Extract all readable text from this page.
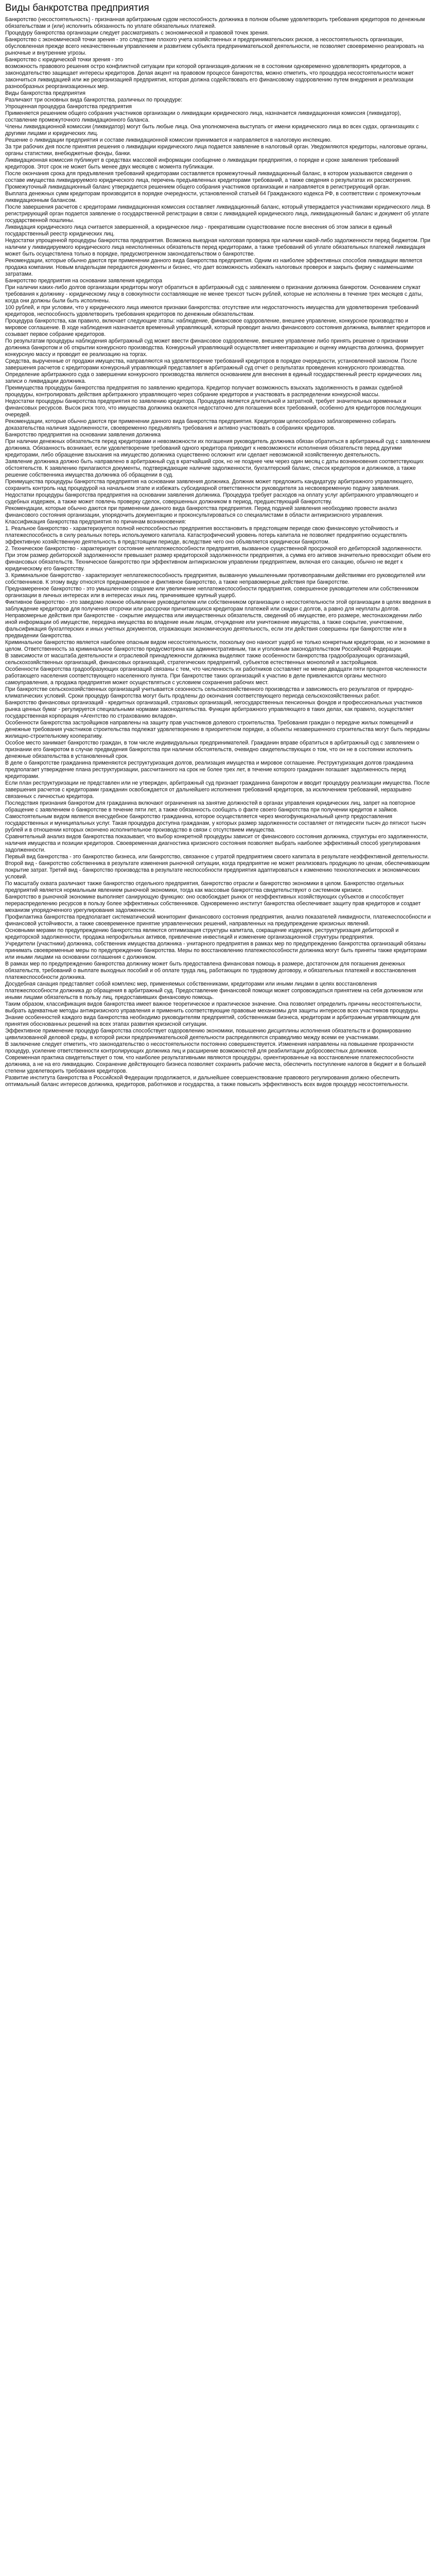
Виды банкротства предприятия

Банкротство (несостоятельность) - признанная арбитражным судом неспособность должника в полном объеме удовлетворить требования кредиторов по денежным обязательствам и (или) исполнить обязанность по уплате обязательных платежей.

Процедуру банкротства организации следует рассматривать с экономической и правовой точек зрения.

Банкротство с экономической точки зрения - это следствие плохого учета хозяйственных и предпринимательских рисков, а несостоятельность организации, обусловленная прежде всего некачественным управлением и развитием субъекта предпринимательской деятельности, не позволяет своевременно реагировать на рыночные и внутренние угрозы.

Банкротство с юридической точки зрения - это

возможность правового решения остро конфликтной ситуации при которой организация-должник не в состоянии одновременно удовлетворять кредиторов, а законодательство защищает интересы кредиторов. Делая акцент на правовом процессе банкротства, можно отметить, что процедура несостоятельности может закончиться ликвидацией или же реорганизацией предприятия, которая должна содействовать его финансовому оздоровлению путем внедрения и реализации разнообразных реорганизационных мер.

Виды банкротства предприятия

Различают три основных вида банкротства, различных по процедуре:

Упрощенная процедура банкротства предприятия

Применяется решением общего собрания участников организации о ликвидации юридического лица, назначается ликвидационная комиссия (ликвидатор), составление промежуточного ликвидационного баланса.

Члены ликвидационной комиссии (ликвидатор) могут быть любые лица. Она уполномочена выступать от имени юридического лица во всех судах, организациях с другими лицами и юридических лиц.

Решение о ликвидации предприятия и составе ликвидационной комиссии принимается и направляется в налоговую инспекцию.

За три рабочих дня после принятия решения о ликвидации юридического лица подается заявление в налоговый орган. Уведомляются кредиторы, налоговые органы, органы статистики, внебюджетные фонды, банки.

Ликвидационная комиссия публикует в средствах массовой информации сообщение о ликвидации предприятия, о порядке и сроке заявления требований кредиторов. Этот срок не может быть менее двух месяцев с момента публикации.

После окончания срока для предъявления требований кредиторами составляется промежуточный ликвидационный баланс, в котором указываются сведения о составе имущества ликвидируемого юридического лица, перечень предъявленных кредиторами требований, а также сведения о результатах их рассмотрения.

Промежуточный ликвидационный баланс утверждается решением общего собрания участников организации и направляется в регистрирующий орган.

Выплата денежных сумм кредиторам производится в порядке очередности, установленной статьей 64 Гражданского кодекса РФ, в соответствии с промежуточным ликвидационным балансом.

После завершения расчетов с кредиторами ликвидационная комиссия составляет ликвидационный баланс, который утверждается участниками юридического лица. В регистрирующий орган подается заявление о государственной регистрации в связи с ликвидацией юридического лица, ликвидационный баланс и документ об уплате государственной пошлины.

Ликвидация юридического лица считается завершенной, а юридическое лицо - прекратившим существование после внесения об этом записи в единый государственный реестр юридических лиц.

Недостатки упрощенной процедуры банкротства предприятия. Возможна выездная налоговая проверка при наличии какой-либо задолженности перед бюджетом. При наличии у ликвидируемого юридического лица неисполненных обязательств перед кредиторами, а также требований об уплате обязательных платежей ликвидация может быть осуществлена только в порядке, предусмотренном законодательством о банкротстве.

Рекомендации, которые обычно даются при применении данного вида банкротства предприятия. Одним из наиболее эффективных способов ликвидации является продажа компании. Новым владельцам передаются документы и бизнес, что дает возможность избежать налоговых проверок и закрыть фирму с наименьшими затратами.

Банкротство предприятия на основании заявления кредитора

При наличии каких-либо долгов организации кредиторы могут обратиться в арбитражный суд с заявлением о признании должника банкротом. Основанием служат требования к должнику - юридическому лицу в совокупности составляющие не менее трехсот тысяч рублей, которые не исполнены в течение трех месяцев с даты, когда они должны были быть исполнены.

100 рублей, и при условии, что у юридического лица имеются признаки банкротства: отсутствие или недостаточность имущества для удовлетворения требований кредиторов, неспособность удовлетворить требования кредиторов по денежным обязательствам.

Процедура банкротства, как правило, включает следующие этапы: наблюдение, финансовое оздоровление, внешнее управление, конкурсное производство и мировое соглашение. В ходе наблюдения назначается временный управляющий, который проводит анализ финансового состояния должника, выявляет кредиторов и созывает первое собрание кредиторов.

По результатам процедуры наблюдения арбитражный суд может ввести финансовое оздоровление, внешнее управление либо принять решение о признании должника банкротом и об открытии конкурсного производства. Конкурсный управляющий осуществляет инвентаризацию и оценку имущества должника, формирует конкурсную массу и проводит ее реализацию на торгах.

Средства, вырученные от продажи имущества, направляются на удовлетворение требований кредиторов в порядке очередности, установленной законом. После завершения расчетов с кредиторами конкурсный управляющий представляет в арбитражный суд отчет о результатах проведения конкурсного производства.

Определение арбитражного суда о завершении конкурсного производства является основанием для внесения в единый государственный реестр юридических лиц записи о ликвидации должника.

Преимущества процедуры банкротства предприятия по заявлению кредитора. Кредитор получает возможность взыскать задолженность в рамках судебной процедуры, контролировать действия арбитражного управляющего через собрание кредиторов и участвовать в распределении конкурсной массы.

Недостатки процедуры банкротства предприятия по заявлению кредитора. Процедура является длительной и затратной, требует значительных временных и финансовых ресурсов. Высок риск того, что имущества должника окажется недостаточно для погашения всех требований, особенно для кредиторов последующих очередей.

Рекомендации, которые обычно даются при применении данного вида банкротства предприятия. Кредиторам целесообразно заблаговременно собирать доказательства наличия задолженности, своевременно предъявлять требования и активно участвовать в собраниях кредиторов.

Банкротство предприятия на основании заявления должника

При наличии денежных обязательств перед кредиторами и невозможности их погашения руководитель должника обязан обратиться в арбитражный суд с заявлением должника. Обязанность возникает, если удовлетворение требований одного кредитора приводит к невозможности исполнения обязательств перед другими кредиторами, либо обращение взыскания на имущество должника существенно осложнит или сделает невозможной хозяйственную деятельность.

Заявление должника должно быть направлено в арбитражный суд в кратчайший срок, но не позднее чем через один месяц с даты возникновения соответствующих обстоятельств. К заявлению прилагаются документы, подтверждающие наличие задолженности, бухгалтерский баланс, список кредиторов и должников, а также решение собственника имущества должника об обращении в суд.

Преимущества процедуры банкротства предприятия на основании заявления должника. Должник может предложить кандидатуру арбитражного управляющего, сохранить контроль над процедурой на начальном этапе и избежать субсидиарной ответственности руководителя за несвоевременную подачу заявления.

Недостатки процедуры банкротства предприятия на основании заявления должника. Процедура требует расходов на оплату услуг арбитражного управляющего и судебных издержек, а также может повлечь проверку сделок, совершенных должником в период, предшествующий банкротству.

Рекомендации, которые обычно даются при применении данного вида банкротства предприятия. Перед подачей заявления необходимо провести анализ финансового состояния организации, упорядочить документацию и проконсультироваться со специалистами в области антикризисного управления.

Классификация банкротства предприятия по причинам возникновения:

1. Реальное банкротство - характеризуется полной неспособностью предприятия восстановить в предстоящем периоде свою финансовую устойчивость и платежеспособность в силу реальных потерь используемого капитала. Катастрофический уровень потерь капитала не позволяет предприятию осуществлять эффективную хозяйственную деятельность в предстоящем периоде, вследствие чего оно объявляется юридически банкротом.

2. Техническое банкротство - характеризует состояние неплатежеспособности предприятия, вызванное существенной просрочкой его дебиторской задолженности. При этом размер дебиторской задолженности превышает размер кредиторской задолженности предприятия, а сумма его активов значительно превосходит объем его финансовых обязательств. Техническое банкротство при эффективном антикризисном управлении предприятием, включая его санацию, обычно не ведет к юридическому его банкротству.

3. Криминальное банкротство - характеризует неплатежеспособность предприятия, вызванную умышленными противоправными действиями его руководителей или собственников. К этому виду относятся преднамеренное и фиктивное банкротство, а также неправомерные действия при банкротстве.

Преднамеренное банкротство - это умышленное создание или увеличение неплатежеспособности предприятия, совершенное руководителем или собственником организации в личных интересах или в интересах иных лиц, причинившее крупный ущерб.

Фиктивное банкротство - это заведомо ложное объявление руководителем или собственником организации о несостоятельности этой организации в целях введения в заблуждение кредиторов для получения отсрочки или рассрочки причитающихся кредиторам платежей или скидки с долгов, а равно для неуплаты долгов.

Неправомерные действия при банкротстве - сокрытие имущества или имущественных обязательств, сведений об имуществе, его размере, местонахождении либо иной информации об имуществе, передача имущества во владение иным лицам, отчуждение или уничтожение имущества, а также сокрытие, уничтожение, фальсификация бухгалтерских и иных учетных документов, отражающих экономическую деятельность, если эти действия совершены при банкротстве или в предвидении банкротства.

Криминальное банкротство является наиболее опасным видом несостоятельности, поскольку оно наносит ущерб не только конкретным кредиторам, но и экономике в целом. Ответственность за криминальное банкротство предусмотрена как административным, так и уголовным законодательством Российской Федерации.

В зависимости от масштаба деятельности и отраслевой принадлежности должника выделяют также особенности банкротства градообразующих организаций, сельскохозяйственных организаций, финансовых организаций, стратегических предприятий, субъектов естественных монополий и застройщиков.

Особенности банкротства градообразующих организаций связаны с тем, что численность их работников составляет не менее двадцати пяти процентов численности работающего населения соответствующего населенного пункта. При банкротстве таких организаций к участию в деле привлекаются органы местного самоуправления, а продажа предприятия может осуществляться с условием сохранения рабочих мест.

При банкротстве сельскохозяйственных организаций учитывается сезонность сельскохозяйственного производства и зависимость его результатов от природно-климатических условий. Сроки процедур банкротства могут быть продлены до окончания соответствующего периода сельскохозяйственных работ.

Банкротство финансовых организаций - кредитных организаций, страховых организаций, негосударственных пенсионных фондов и профессиональных участников рынка ценных бумаг - регулируется специальными нормами законодательства. Функции арбитражного управляющего в таких делах, как правило, осуществляет государственная корпорация «Агентство по страхованию вкладов».

Особенности банкротства застройщиков направлены на защиту прав участников долевого строительства. Требования граждан о передаче жилых помещений и денежные требования участников строительства подлежат удовлетворению в приоритетном порядке, а объекты незавершенного строительства могут быть переданы жилищно-строительному кооперативу.

Особое место занимает банкротство граждан, в том числе индивидуальных предпринимателей. Гражданин вправе обратиться в арбитражный суд с заявлением о признании его банкротом в случае предвидения банкротства при наличии обстоятельств, очевидно свидетельствующих о том, что он не в состоянии исполнить денежные обязательства в установленный срок.

В деле о банкротстве гражданина применяются реструктуризация долгов, реализация имущества и мировое соглашение. Реструктуризация долгов гражданина предполагает утверждение плана реструктуризации, рассчитанного на срок не более трех лет, в течение которого гражданин погашает задолженность перед кредиторами.

Если план реструктуризации не представлен или не утвержден, арбитражный суд признает гражданина банкротом и вводит процедуру реализации имущества. После завершения расчетов с кредиторами гражданин освобождается от дальнейшего исполнения требований кредиторов, за исключением требований, неразрывно связанных с личностью кредитора.

Последствия признания банкротом для гражданина включают ограничения на занятие должностей в органах управления юридических лиц, запрет на повторное обращение с заявлением о банкротстве в течение пяти лет, а также обязанность сообщать о факте своего банкротства при получении кредитов и займов.

Самостоятельным видом является внесудебное банкротство гражданина, которое осуществляется через многофункциональный центр предоставления государственных и муниципальных услуг. Такая процедура доступна гражданам, у которых размер задолженности составляет от пятидесяти тысяч до пятисот тысяч рублей и в отношении которых окончено исполнительное производство в связи с отсутствием имущества.

Сравнительный анализ видов банкротства показывает, что выбор конкретной процедуры зависит от финансового состояния должника, структуры его задолженности, наличия имущества и позиции кредиторов. Своевременная диагностика кризисного состояния позволяет выбрать наиболее эффективный способ урегулирования задолженности.

Первый вид банкротства - это банкротство бизнеса, или банкротство, связанное с утратой предприятием своего капитала в результате неэффективной деятельности. Второй вид - банкротство собственника в результате изменения рыночной ситуации, когда предприятие не может реализовать продукцию по ценам, обеспечивающим покрытие затрат. Третий вид - банкротство производства в результате неспособности предприятия адаптироваться к изменению технологических и экономических условий.

По масштабу охвата различают также банкротство отдельного предприятия, банкротство отрасли и банкротство экономики в целом. Банкротство отдельных предприятий является нормальным явлением рыночной экономики, тогда как массовые банкротства свидетельствуют о системном кризисе.

Банкротство в рыночной экономике выполняет санирующую функцию: оно освобождает рынок от неэффективных хозяйствующих субъектов и способствует перераспределению ресурсов в пользу более эффективных собственников. Одновременно институт банкротства обеспечивает защиту прав кредиторов и создает механизм упорядоченного урегулирования задолженности.

Профилактика банкротства предполагает систематический мониторинг финансового состояния предприятия, анализ показателей ликвидности, платежеспособности и финансовой устойчивости, а также своевременное принятие управленческих решений, направленных на предупреждение кризисных явлений.

Основными мерами по предупреждению банкротства являются оптимизация структуры капитала, сокращение издержек, реструктуризация дебиторской и кредиторской задолженности, продажа непрофильных активов, привлечение инвестиций и изменение организационной структуры предприятия.

Учредители (участники) должника, собственник имущества должника - унитарного предприятия в рамках мер по предупреждению банкротства организаций обязаны принимать своевременные меры по предупреждению банкротства. Меры по восстановлению платежеспособности должника могут быть приняты также кредиторами или иными лицами на основании соглашения с должником.

В рамках мер по предупреждению банкротства должнику может быть предоставлена финансовая помощь в размере, достаточном для погашения денежных обязательств, требований о выплате выходных пособий и об оплате труда лиц, работающих по трудовому договору, и обязательных платежей и восстановления платежеспособности должника.

Досудебная санация представляет собой комплекс мер, применяемых собственниками, кредиторами или иными лицами в целях восстановления платежеспособности должника до обращения в арбитражный суд. Предоставление финансовой помощи может сопровождаться принятием на себя должником или иными лицами обязательств в пользу лиц, предоставивших финансовую помощь.

Таким образом, классификация видов банкротства имеет важное теоретическое и практическое значение. Она позволяет определить причины несостоятельности, выбрать адекватные методы антикризисного управления и применить соответствующие правовые механизмы для защиты интересов всех участников процедуры.

Знание особенностей каждого вида банкротства необходимо руководителям предприятий, собственникам бизнеса, кредиторам и арбитражным управляющим для принятия обоснованных решений на всех этапах развития кризисной ситуации.

Эффективное применение процедур банкротства способствует оздоровлению экономики, повышению дисциплины исполнения обязательств и формированию цивилизованной деловой среды, в которой риски предпринимательской деятельности распределяются справедливо между всеми ее участниками.

В заключение следует отметить, что законодательство о несостоятельности постоянно совершенствуется. Изменения направлены на повышение прозрачности процедур, усиление ответственности контролирующих должника лиц и расширение возможностей для реабилитации добросовестных должников.

Современная практика свидетельствует о том, что наиболее результативными являются процедуры, ориентированные на восстановление платежеспособности должника, а не на его ликвидацию. Сохранение действующего бизнеса позволяет сохранить рабочие места, обеспечить поступление налогов в бюджет и в большей степени удовлетворить требования кредиторов.

Развитие института банкротства в Российской Федерации продолжается, и дальнейшее совершенствование правового регулирования должно обеспечить оптимальный баланс интересов должника, кредиторов, работников и государства, а также повысить эффективность всех видов процедур несостоятельности.
